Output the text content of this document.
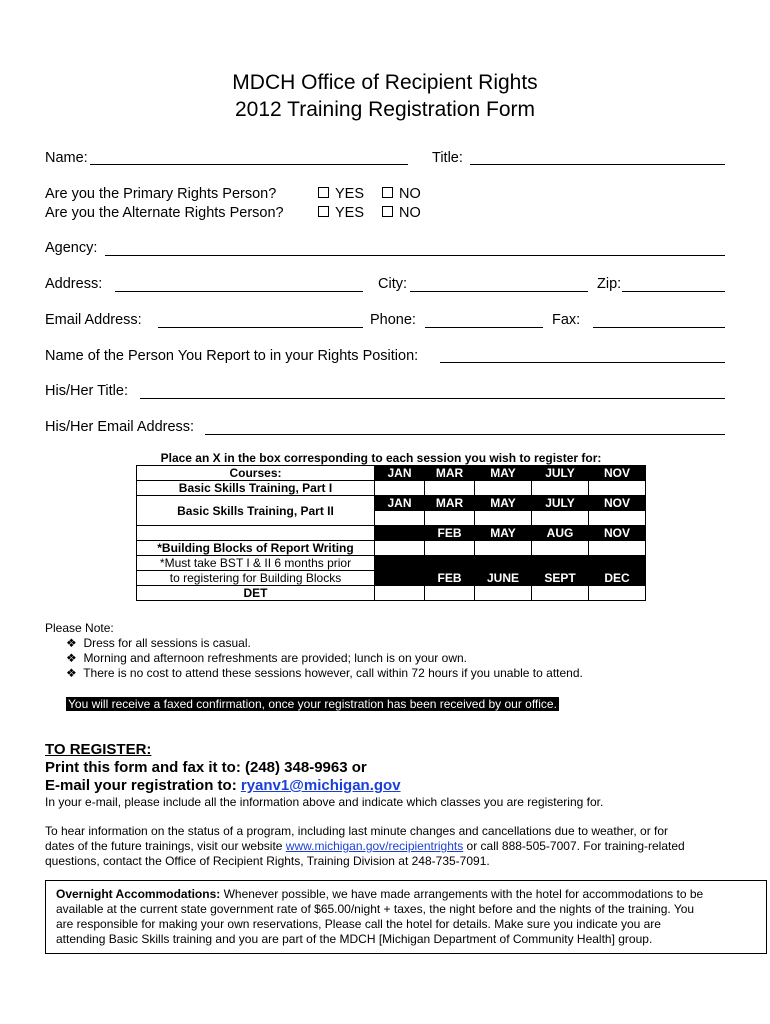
MDCH Office of Recipient Rights
2012 Training Registration Form
Name:	Title:
Are you the Primary Rights Person?	YES	NO
Are you the Alternate Rights Person?	YES	NO
Agency:
Address:	City:	Zip:
Email Address:	Phone:	Fax:
Name of the Person You Report to in your Rights Position:
His/Her Title:
His/Her Email Address:
Place an X in the box corresponding to each session you wish to register for:
Courses:	JAN	MAR	MAY	JULY	NOV
Basic Skills Training, Part I					
Basic Skills Training, Part II	JAN	MAR	MAY	JULY	NOV

		FEB	MAY	AUG	NOV
*Building Blocks of Report Writing					
*Must take BST I & II 6 months prior					
to registering for Building Blocks		FEB	JUNE	SEPT	DEC
DET					
Please Note:
❖ Dress for all sessions is casual.
❖ Morning and afternoon refreshments are provided; lunch is on your own.
❖ There is no cost to attend these sessions however, call within 72 hours if you unable to attend.
You will receive a faxed confirmation, once your registration has been received by our office.
TO REGISTER:
Print this form and fax it to: (248) 348-9963 or
E-mail your registration to: ryanv1@michigan.gov
In your e-mail, please include all the information above and indicate which classes you are registering for.
To hear information on the status of a program, including last minute changes and cancellations due to weather, or for
dates of the future trainings, visit our website www.michigan.gov/recipientrights or call 888-505-7007. For training-related
questions, contact the Office of Recipient Rights, Training Division at 248-735-7091.
Overnight Accommodations: Whenever possible, we have made arrangements with the hotel for accommodations to be
available at the current state government rate of $65.00/night + taxes, the night before and the nights of the training. You
are responsible for making your own reservations, Please call the hotel for details. Make sure you indicate you are
attending Basic Skills training and you are part of the MDCH [Michigan Department of Community Health] group.
